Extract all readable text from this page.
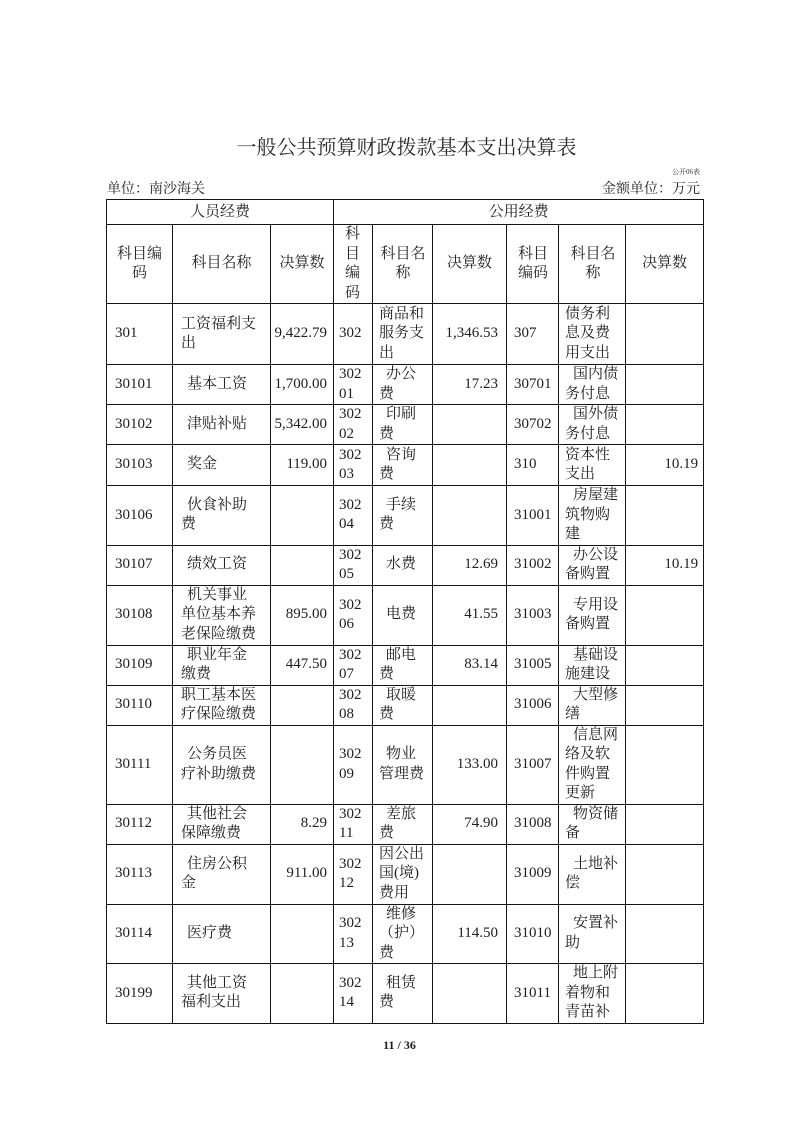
一般公共预算财政拨款基本支出决算表
公开06表
单位：南沙海关	金额单位：万元
人员经费			公用经费					
科目编码	科目名称	决算数	科目编码	科目名称	决算数	科目编码	科目名称	决算数
301	工资福利支出	9,422.79	302	商品和服务支出	1,346.53	307	债务利息及费用支出	
30101	基本工资	1,700.00	30201	办公费	17.23	30701	国内债务付息	
30102	津贴补贴	5,342.00	30202	印刷费		30702	国外债务付息	
30103	奖金	119.00	30203	咨询费		310	资本性支出	10.19
30106	伙食补助费		30204	手续费		31001	房屋建筑物购建	
30107	绩效工资		30205	水费	12.69	31002	办公设备购置	10.19
30108	机关事业单位基本养老保险缴费	895.00	30206	电费	41.55	31003	专用设备购置	
30109	职业年金缴费	447.50	30207	邮电费	83.14	31005	基础设施建设	
30110	职工基本医疗保险缴费		30208	取暖费		31006	大型修缮	
30111	公务员医疗补助缴费		30209	物业管理费	133.00	31007	信息网络及软件购置更新	
30112	其他社会保障缴费	8.29	30211	差旅费	74.90	31008	物资储备	
30113	住房公积金	911.00	30212	因公出国(境)费用		31009	土地补偿	
30114	医疗费		30213	维修（护）费	114.50	31010	安置补助	
30199	其他工资福利支出		30214	租赁费		31011	地上附着物和青苗补	
11 / 36
